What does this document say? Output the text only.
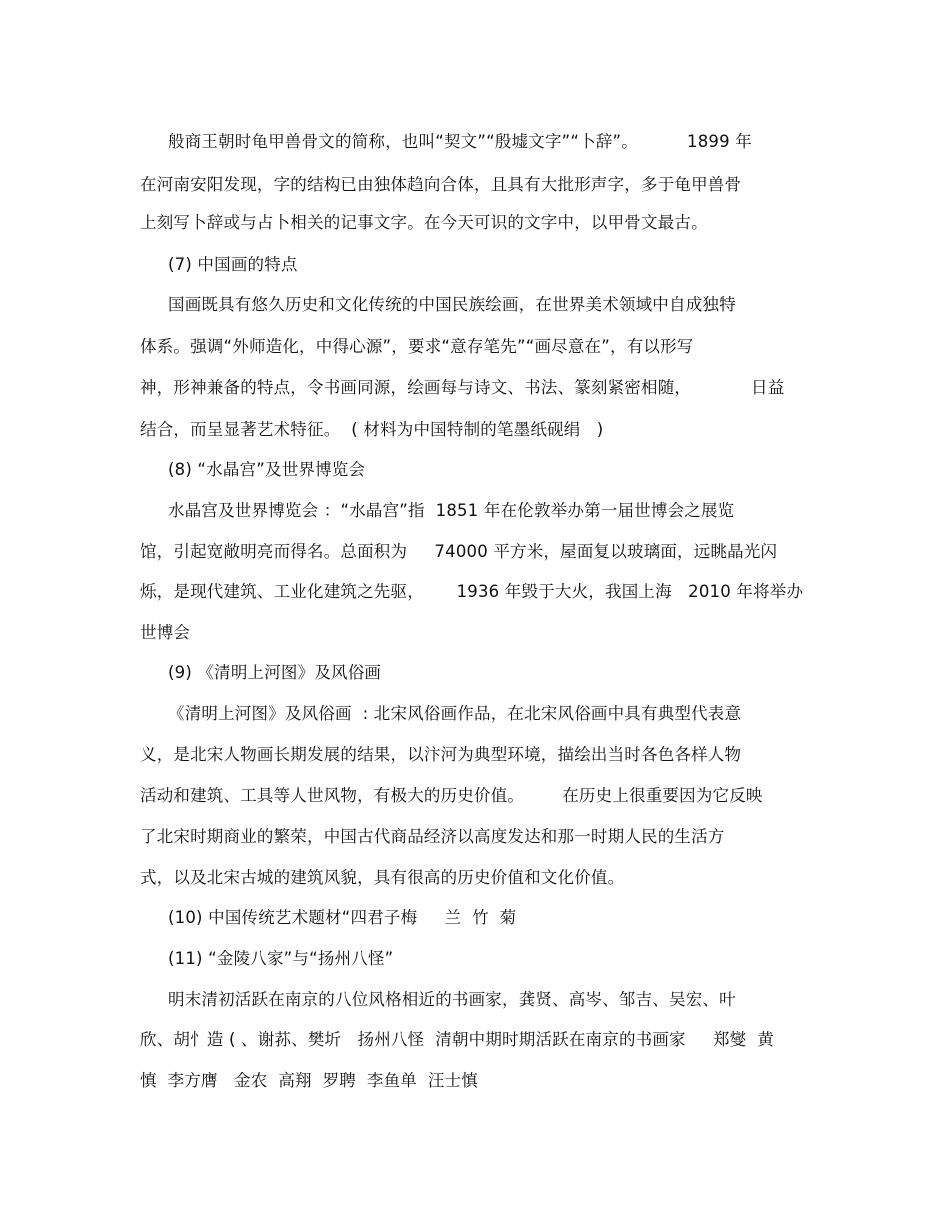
般商王朝时龟甲兽骨文的简称，也叫“契文”“殷墟文字”“卜辞”。         1899 年
在河南安阳发现，字的结构已由独体趋向合体，且具有大批形声字，多于龟甲兽骨
上刻写卜辞或与占卜相关的记事文字。在今天可识的文字中，以甲骨文最古。
(7) 中国画的特点
国画既具有悠久历史和文化传统的中国民族绘画，在世界美术领域中自成独特
体系。强调“外师造化，中得心源”，要求“意存笔先”“画尽意在”，有以形写
神，形神兼备的特点，令书画同源，绘画每与诗文、书法、篆刻紧密相随，           日益
结合，而呈显著艺术特征。  ( 材料为中国特制的笔墨纸砚绢   )
(8) “水晶宫”及世界博览会
水晶宫及世界博览会 ：“水晶宫”指  1851 年在伦敦举办第一届世博会之展览
馆，引起宽敞明亮而得名。总面积为     74000 平方米，屋面复以玻璃面，远眺晶光闪
烁，是现代建筑、工业化建筑之先驱，      1936 年毁于大火，我国上海   2010 年将举办
世博会
(9) 《清明上河图》及风俗画
《清明上河图》及风俗画  : 北宋风俗画作品，在北宋风俗画中具有典型代表意
义，是北宋人物画长期发展的结果，以汴河为典型环境，描绘出当时各色各样人物
活动和建筑、工具等人世风物，有极大的历史价值。       在历史上很重要因为它反映
了北宋时期商业的繁荣，中国古代商品经济以高度发达和那一时期人民的生活方
式，以及北宋古城的建筑风貌，具有很高的历史价值和文化价值。
(10) 中国传统艺术题材“四君子梅     兰  竹  菊
(11) “金陵八家”与“扬州八怪”
明末清初活跃在南京的八位风格相近的书画家，龚贤、高岑、邹吉、吴宏、叶
欣、胡忄造 ( 、谢荪、樊圻   扬州八怪  清朝中期时期活跃在南京的书画家     郑燮  黄
慎  李方膺   金农  高翔  罗聘  李鱼单  汪士慎
